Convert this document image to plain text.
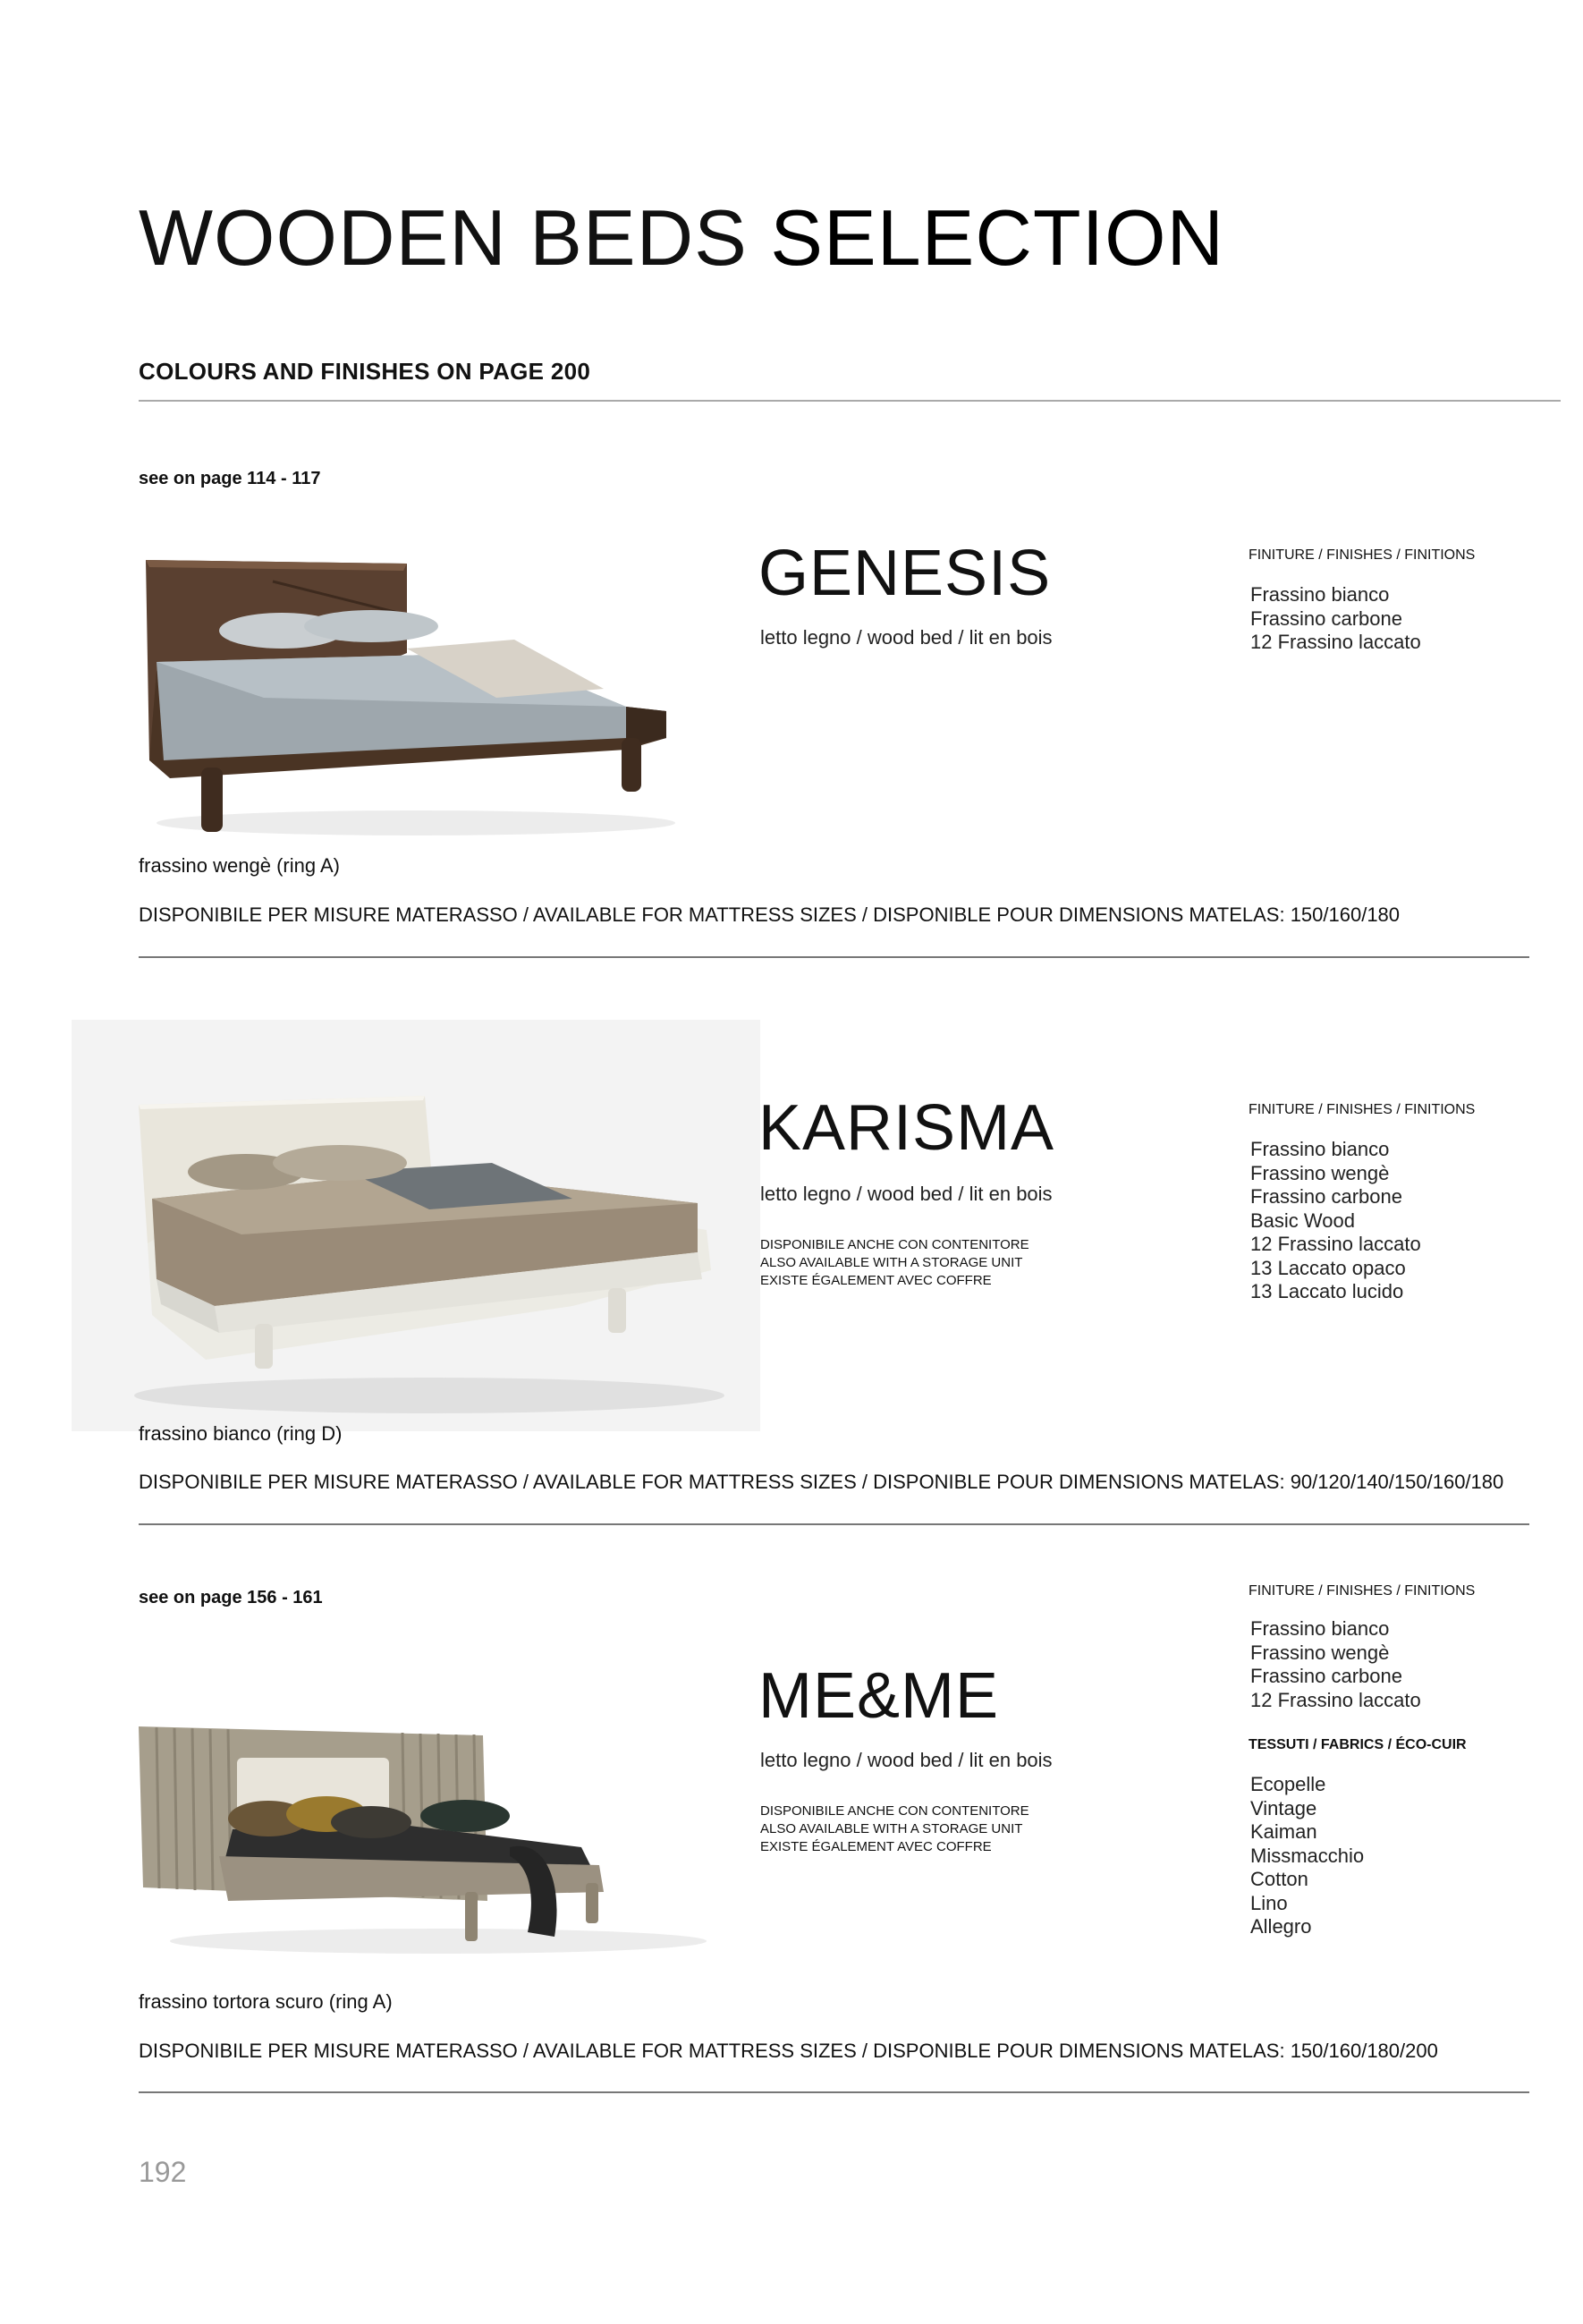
WOODEN BEDS SELECTION
COLOURS AND FINISHES ON PAGE 200
see on page 114 - 117
GENESIS
letto legno / wood bed / lit en bois
FINITURE / FINISHES / FINITIONS
Frassino bianco
Frassino carbone
12 Frassino laccato
frassino wengè (ring A)
DISPONIBILE PER MISURE MATERASSO / AVAILABLE FOR MATTRESS SIZES / DISPONIBLE POUR DIMENSIONS MATELAS: 150/160/180
KARISMA
letto legno / wood bed / lit en bois
DISPONIBILE ANCHE CON CONTENITORE
ALSO AVAILABLE WITH A STORAGE UNIT
EXISTE ÉGALEMENT AVEC COFFRE
FINITURE / FINISHES / FINITIONS
Frassino bianco
Frassino wengè
Frassino carbone
Basic Wood
12 Frassino laccato
13 Laccato opaco
13 Laccato lucido
frassino bianco (ring D)
DISPONIBILE PER MISURE MATERASSO / AVAILABLE FOR MATTRESS SIZES / DISPONIBLE POUR DIMENSIONS MATELAS: 90/120/140/150/160/180
see on page 156 - 161
ME&ME
letto legno / wood bed / lit en bois
DISPONIBILE ANCHE CON CONTENITORE
ALSO AVAILABLE WITH A STORAGE UNIT
EXISTE ÉGALEMENT AVEC COFFRE
FINITURE / FINISHES / FINITIONS
Frassino bianco
Frassino wengè
Frassino carbone
12 Frassino laccato
TESSUTI / FABRICS / ÉCO-CUIR
Ecopelle
Vintage
Kaiman
Missmacchio
Cotton
Lino
Allegro
frassino tortora scuro (ring A)
DISPONIBILE PER MISURE MATERASSO / AVAILABLE FOR MATTRESS SIZES / DISPONIBLE POUR DIMENSIONS MATELAS: 150/160/180/200
192
